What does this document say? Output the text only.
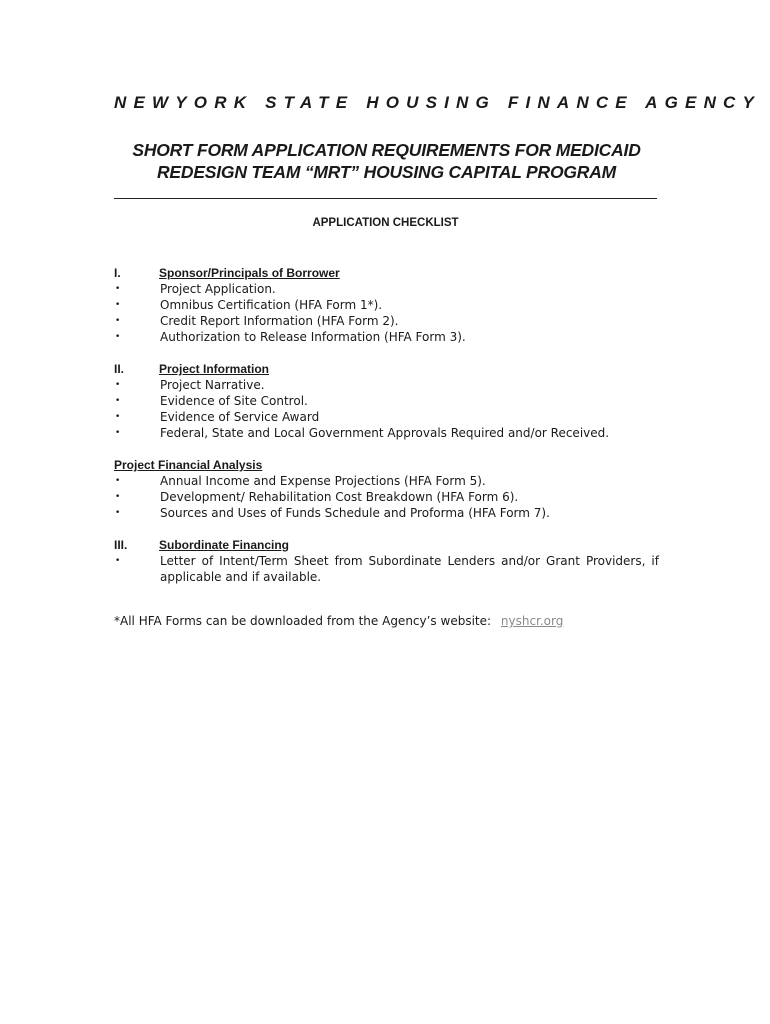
NEWYORK STATE HOUSING FINANCE AGENCY
SHORT FORM APPLICATION REQUIREMENTS FOR MEDICAID
REDESIGN TEAM “MRT” HOUSING CAPITAL PROGRAM
APPLICATION CHECKLIST
I.	Sponsor/Principals of Borrower
•	Project Application.
•	Omnibus Certification (HFA Form 1*).
•	Credit Report Information (HFA Form 2).
•	Authorization to Release Information (HFA Form 3).
II.	Project Information
•	Project Narrative.
•	Evidence of Site Control.
•	Evidence of Service Award
•	Federal, State and Local Government Approvals Required and/or Received.
Project Financial Analysis
•	Annual Income and Expense Projections (HFA Form 5).
•	Development/ Rehabilitation Cost Breakdown (HFA Form 6).
•	Sources and Uses of Funds Schedule and Proforma (HFA Form 7).
III.	Subordinate Financing
•	Letter of Intent/Term Sheet from Subordinate Lenders and/or Grant Providers, if applicable and if available.
*All HFA Forms can be downloaded from the Agency’s website: nyshcr.org
